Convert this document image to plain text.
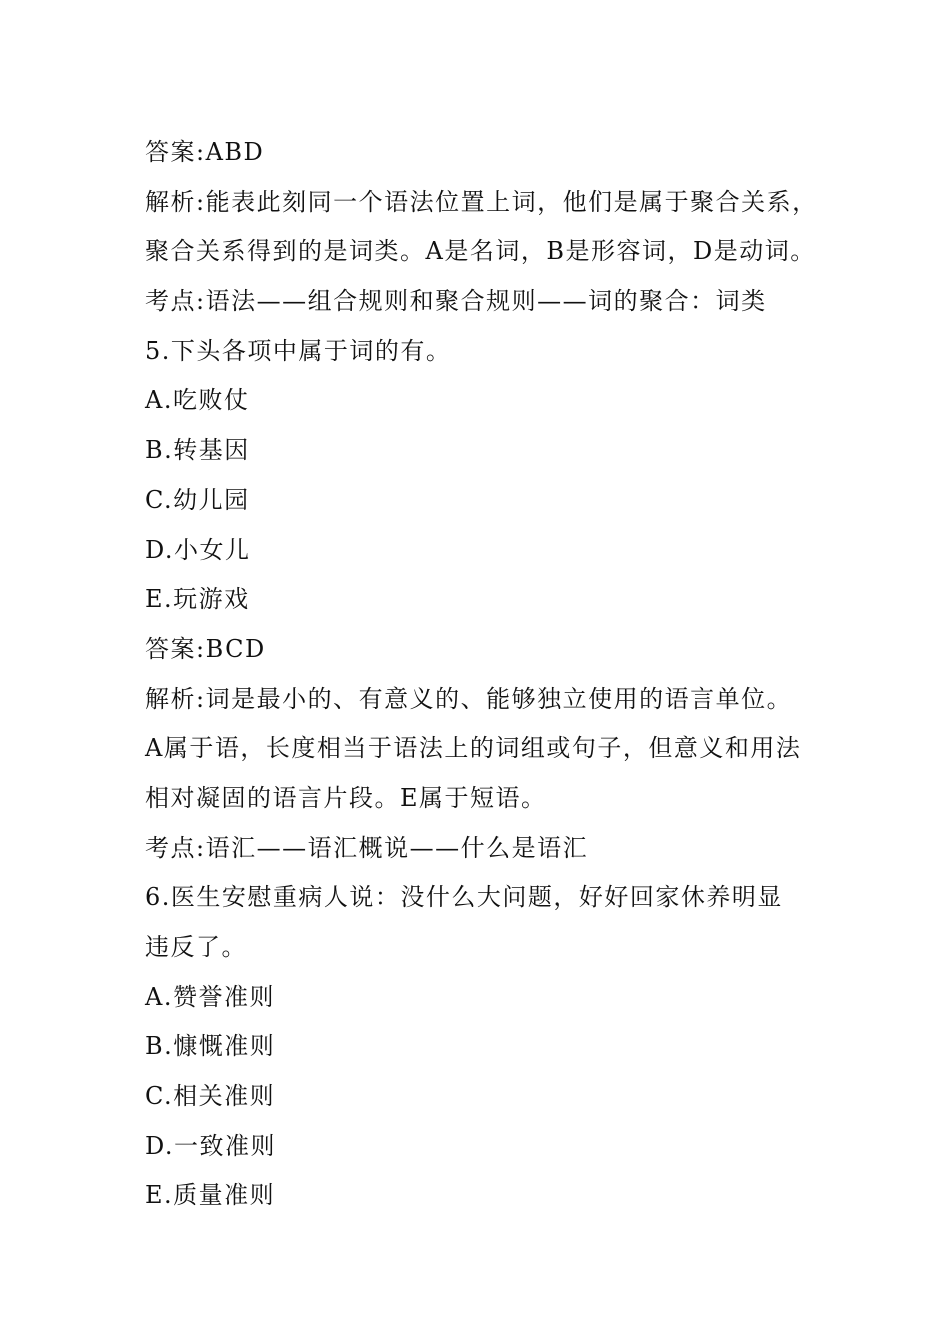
答案:ABD
解析:能表此刻同一个语法位置上词，他们是属于聚合关系，
聚合关系得到的是词类。A是名词，B是形容词，D是动词。
考点:语法——组合规则和聚合规则——词的聚合：词类
5.下头各项中属于词的有。
A.吃败仗
B.转基因
C.幼儿园
D.小女儿
E.玩游戏
答案:BCD
解析:词是最小的、有意义的、能够独立使用的语言单位。
A属于语，长度相当于语法上的词组或句子，但意义和用法
相对凝固的语言片段。E属于短语。
考点:语汇——语汇概说——什么是语汇
6.医生安慰重病人说：没什么大问题，好好回家休养明显
违反了。
A.赞誉准则
B.慷慨准则
C.相关准则
D.一致准则
E.质量准则
